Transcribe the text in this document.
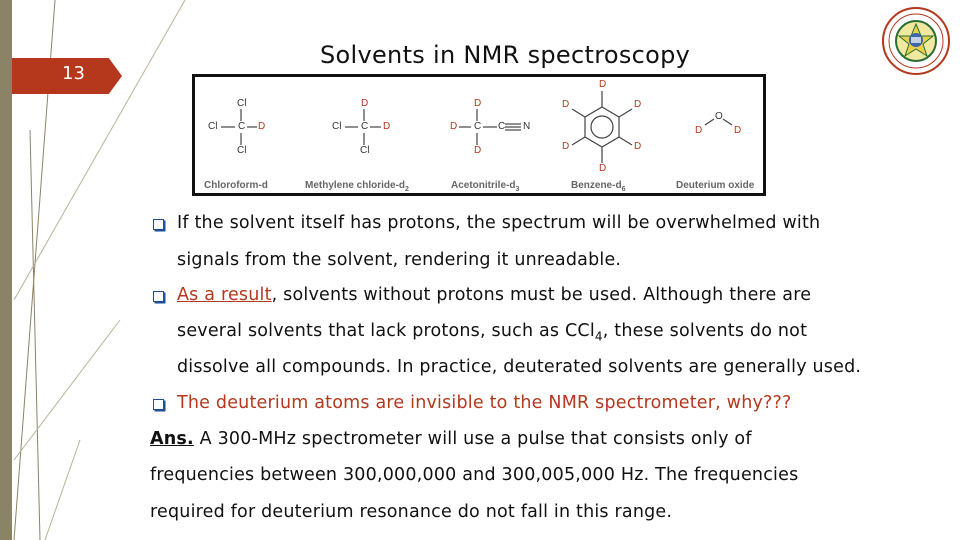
13
Solvents in NMR spectroscopy
Cl
Cl C D
Cl
D
Cl C D
Cl
D
D C C N
D
D
D	D
D	D
D
D
O
D
Chloroform-d	Methylene chloride-$d_2$	Acetonitrile-$d_3$	Benzene-$d_6$	Deuterium oxide
If the solvent itself has protons, the spectrum will be overwhelmed with
signals from the solvent, rendering it unreadable.
As a result, solvents without protons must be used. Although there are
several solvents that lack protons, such as CCl$_4$, these solvents do not
dissolve all compounds. In practice, deuterated solvents are generally used.
The deuterium atoms are invisible to the NMR spectrometer, why???
Ans. A 300-MHz spectrometer will use a pulse that consists only of
frequencies between 300,000,000 and 300,005,000 Hz. The frequencies
required for deuterium resonance do not fall in this range.
